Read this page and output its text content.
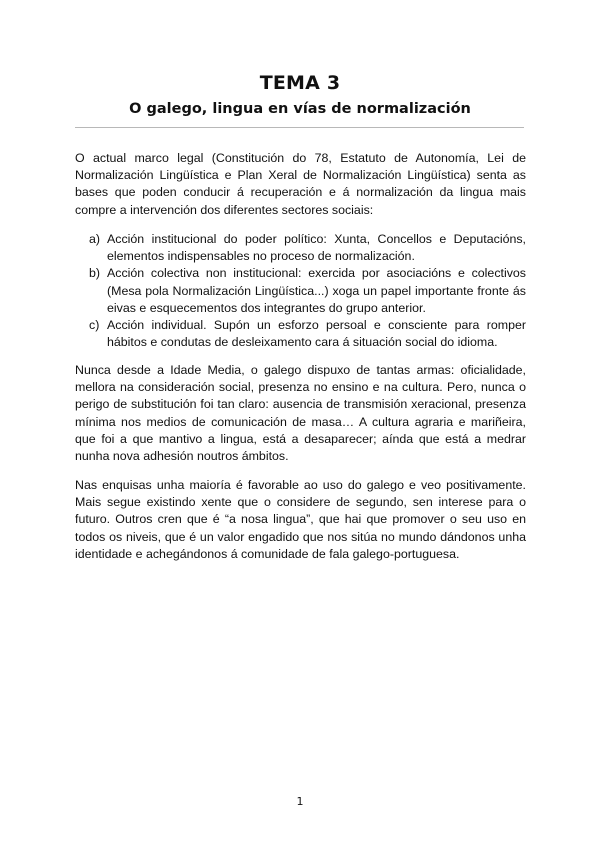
TEMA 3
O galego, lingua en vías de normalización

O actual marco legal (Constitución do 78, Estatuto de Autonomía, Lei de Normalización Lingüística e Plan Xeral de Normalización Lingüística) senta as bases que poden conducir á recuperación e á normalización da lingua mais compre a intervención dos diferentes sectores sociais:

a) Acción institucional do poder político: Xunta, Concellos e Deputacións, elementos indispensables no proceso de normalización.
b) Acción colectiva non institucional: exercida por asociacións e colectivos (Mesa pola Normalización Lingüística...) xoga un papel importante fronte ás eivas e esquecementos dos integrantes do grupo anterior.
c) Acción individual. Supón un esforzo persoal e consciente para romper hábitos e condutas de desleixamento cara á situación social do idioma.

Nunca desde a Idade Media, o galego dispuxo de tantas armas: oficialidade, mellora na consideración social, presenza no ensino e na cultura. Pero, nunca o perigo de substitución foi tan claro: ausencia de transmisión xeracional, presenza mínima nos medios de comunicación de masa… A cultura agraria e mariñeira, que foi a que mantivo a lingua, está a desaparecer; aínda que está a medrar nunha nova adhesión noutros ámbitos.

Nas enquisas unha maioría é favorable ao uso do galego e veo positivamente. Mais segue existindo xente que o considere de segundo, sen interese para o futuro. Outros cren que é “a nosa lingua”, que hai que promover o seu uso en todos os niveis, que é un valor engadido que nos sitúa no mundo dándonos unha identidade e achegándonos á comunidade de fala galego-portuguesa.

1
